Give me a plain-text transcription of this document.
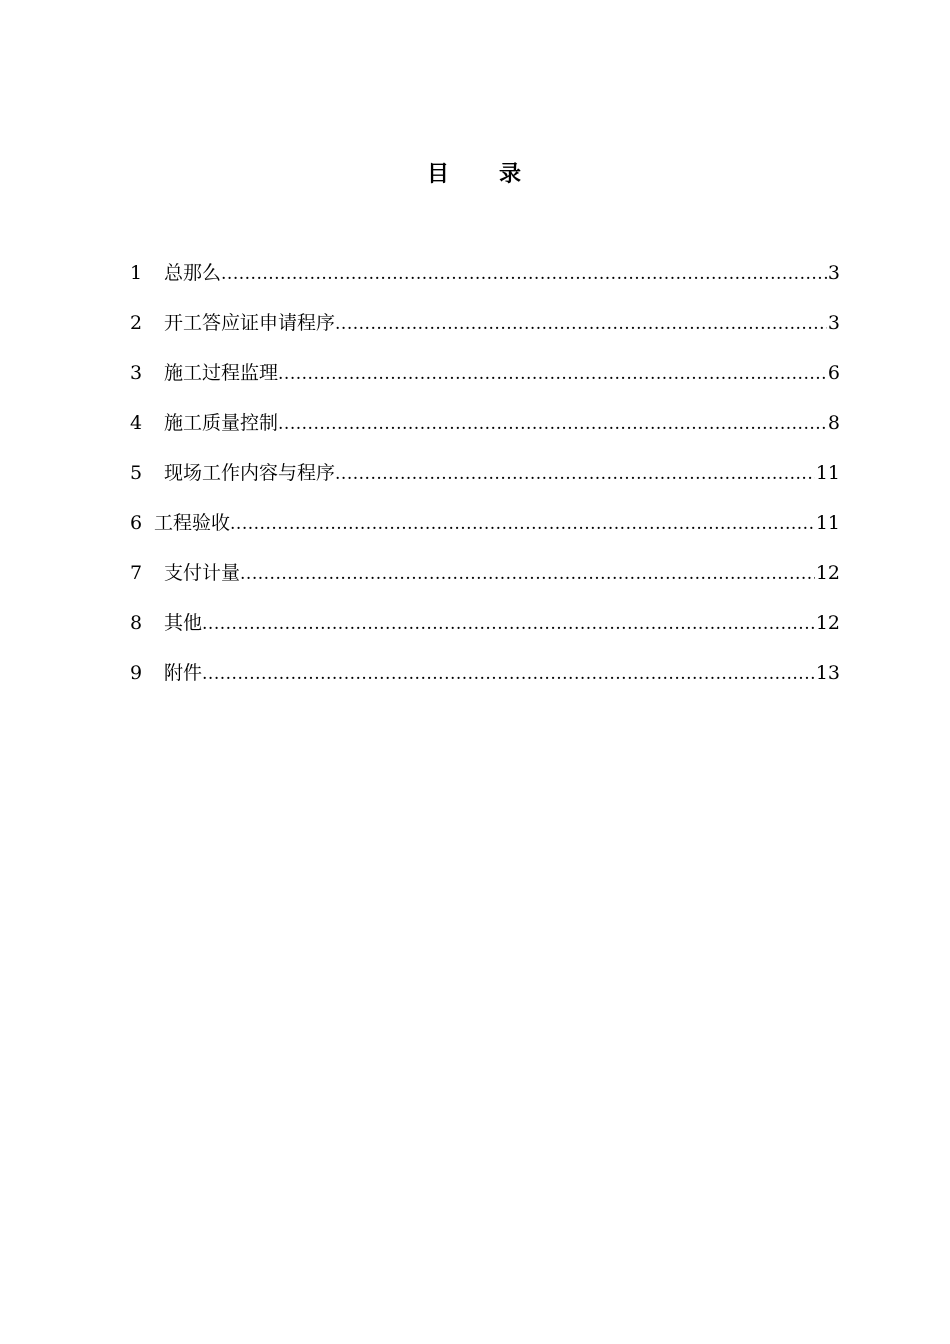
目　　录
1	总那么 .....	3
2	开工答应证申请程序 .....	3
3	施工过程监理 .....	6
4	施工质量控制 .....	8
5	现场工作内容与程序 .....	11
6 工程验收 .....	11
7	支付计量 .....	12
8	其他 .....	12
9	附件 .....	13
